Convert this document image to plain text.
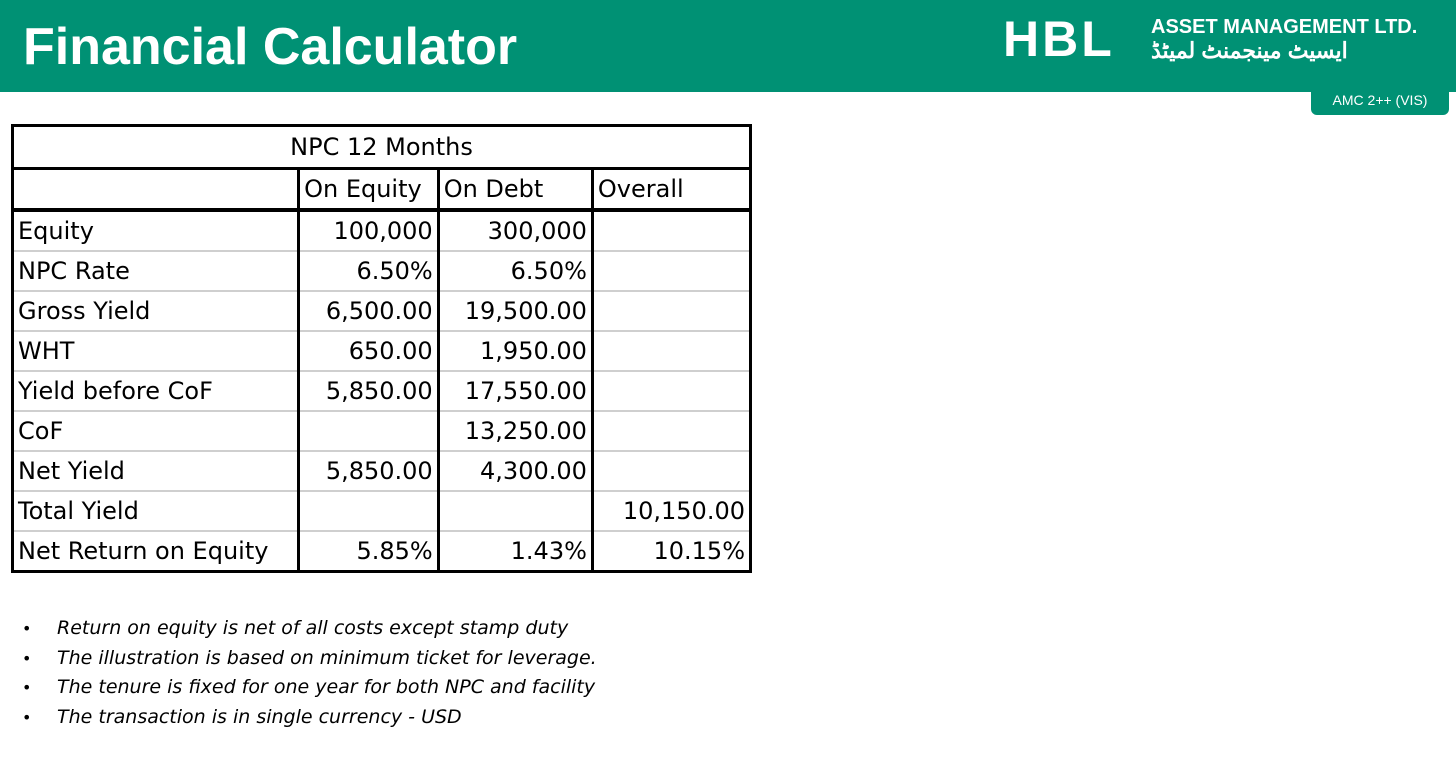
Financial Calculator	HBL ASSET MANAGEMENT LTD.
ایسیٹ مینجمنٹ لمیٹڈ
AMC 2++ (VIS)
NPC 12 Months			
	On Equity	On Debt	Overall
Equity	100,000	300,000	
NPC Rate	6.50%	6.50%	
Gross Yield	6,500.00	19,500.00	
WHT	650.00	1,950.00	
Yield before CoF	5,850.00	17,550.00	
CoF		13,250.00	
Net Yield	5,850.00	4,300.00	
Total Yield			10,150.00
Net Return on Equity	5.85%	1.43%	10.15%
• Return on equity is net of all costs except stamp duty
• The illustration is based on minimum ticket for leverage.
• The tenure is fixed for one year for both NPC and facility
• The transaction is in single currency - USD
